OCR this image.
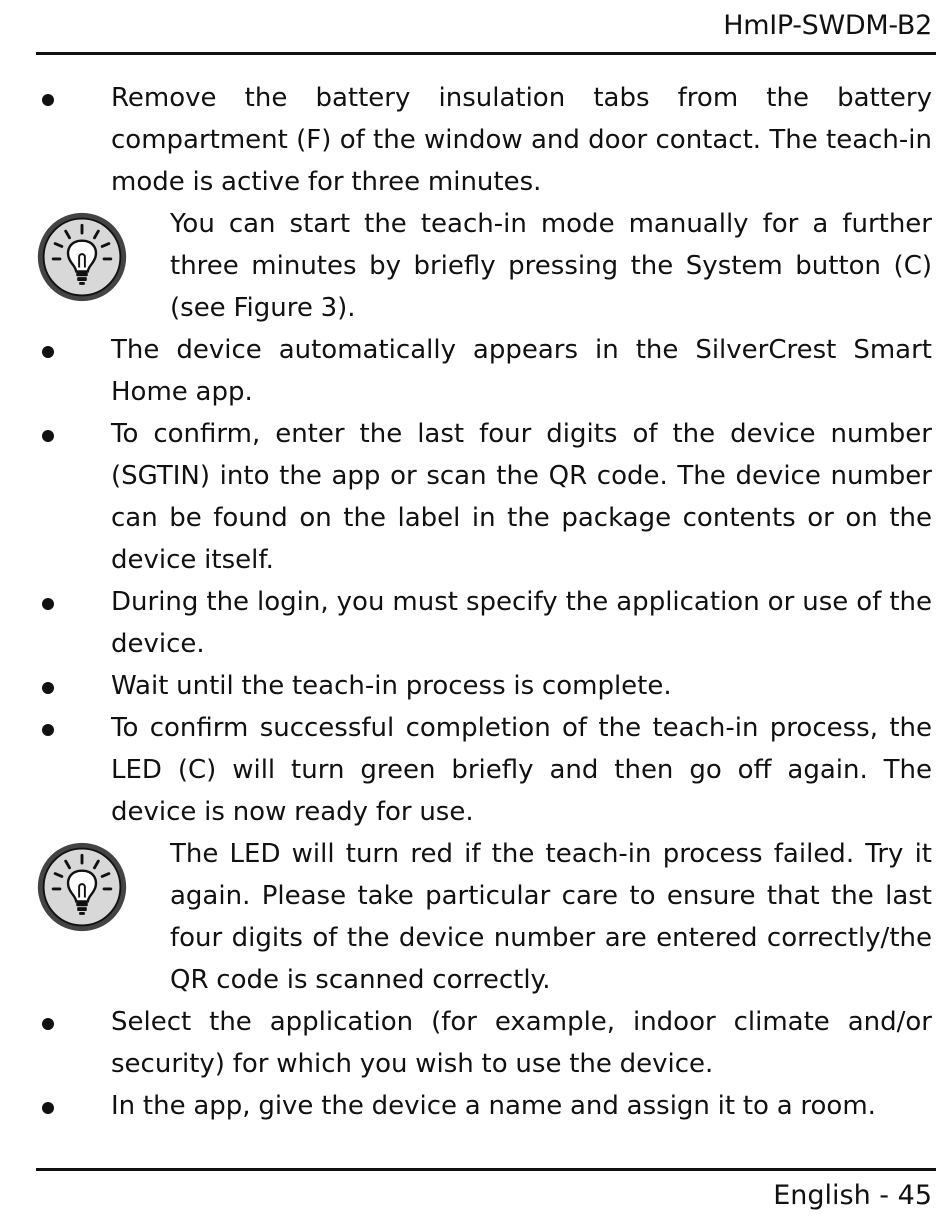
HmIP-SWDM-B2
Remove the battery insulation tabs from the battery compartment (F) of the window and door contact. The teach-in mode is active for three minutes.
You can start the teach-in mode manually for a further three minutes by briefly pressing the System button (C) (see Figure 3).
The device automatically appears in the SilverCrest Smart Home app.
To confirm, enter the last four digits of the device number (SGTIN) into the app or scan the QR code. The device number can be found on the label in the package contents or on the device itself.
During the login, you must specify the application or use of the device.
Wait until the teach-in process is complete.
To confirm successful completion of the teach-in process, the LED (C) will turn green briefly and then go off again. The device is now ready for use.
The LED will turn red if the teach-in process failed. Try it again. Please take particular care to ensure that the last four digits of the device number are entered correctly/the QR code is scanned correctly.
Select the application (for example, indoor climate and/or security) for which you wish to use the device.
In the app, give the device a name and assign it to a room.
English - 45
